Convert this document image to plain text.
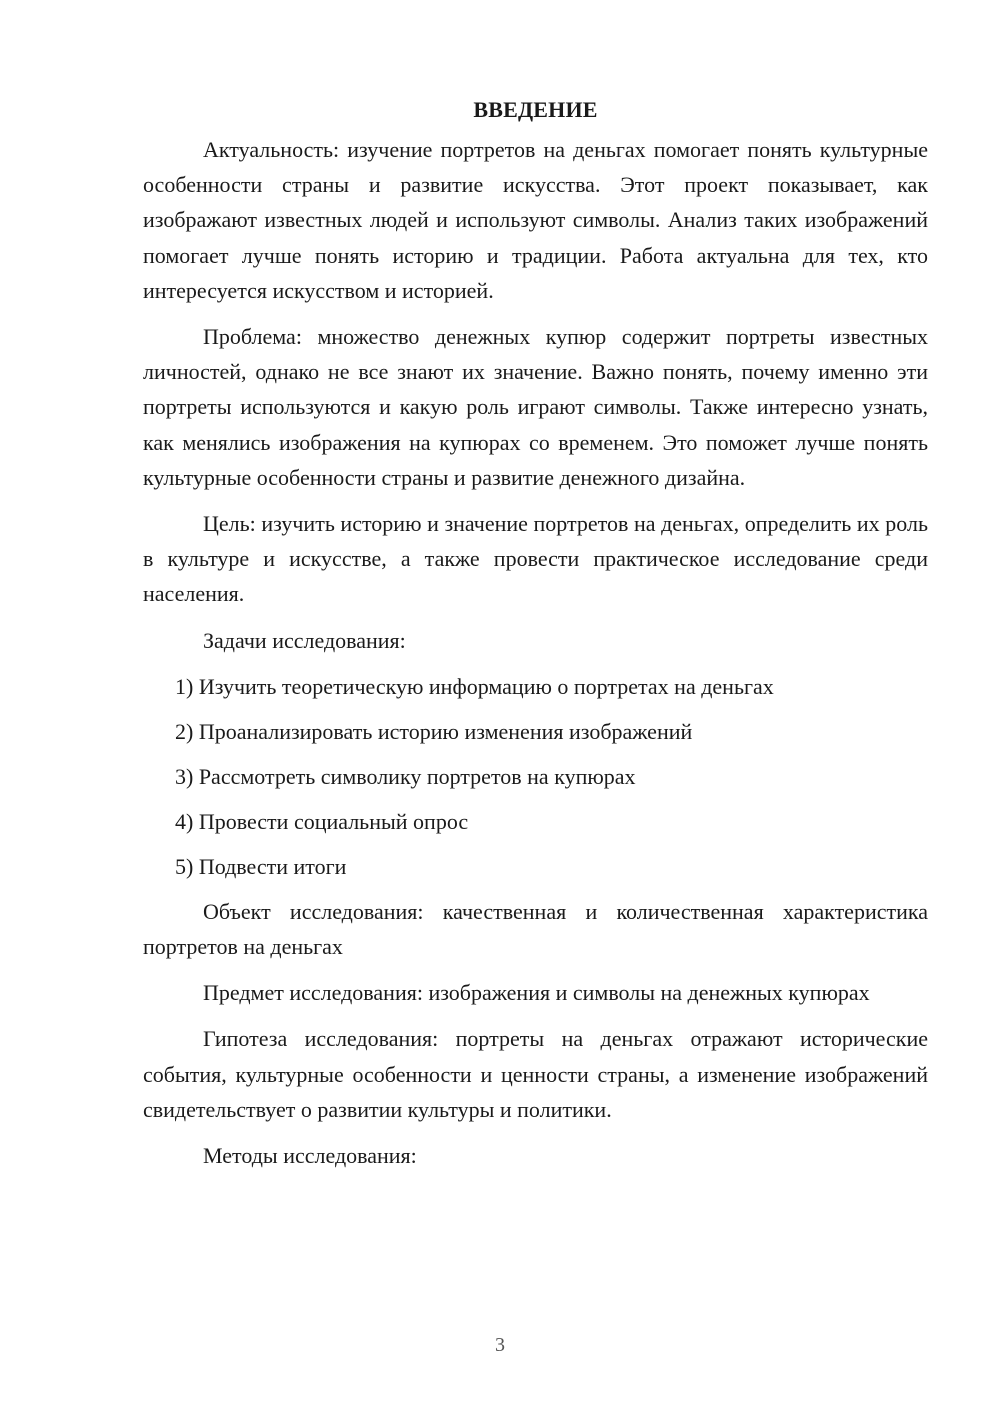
ВВЕДЕНИЕ

Актуальность: изучение портретов на деньгах помогает понять культурные особенности страны и развитие искусства. Этот проект показывает, как изображают известных людей и используют символы. Анализ таких изображений помогает лучше понять историю и традиции. Работа актуальна для тех, кто интересуется искусством и историей.

Проблема: множество денежных купюр содержит портреты известных личностей, однако не все знают их значение. Важно понять, почему именно эти портреты используются и какую роль играют символы. Также интересно узнать, как менялись изображения на купюрах со временем. Это поможет лучше понять культурные особенности страны и развитие денежного дизайна.

Цель: изучить историю и значение портретов на деньгах, определить их роль в культуре и искусстве, а также провести практическое исследование среди населения.

Задачи исследования:

1) Изучить теоретическую информацию о портретах на деньгах
2) Проанализировать историю изменения изображений
3) Рассмотреть символику портретов на купюрах
4) Провести социальный опрос
5) Подвести итоги

Объект исследования: качественная и количественная характеристика портретов на деньгах

Предмет исследования: изображения и символы на денежных купюрах

Гипотеза исследования: портреты на деньгах отражают исторические события, культурные особенности и ценности страны, а изменение изображений свидетельствует о развитии культуры и политики.

Методы исследования:

3
